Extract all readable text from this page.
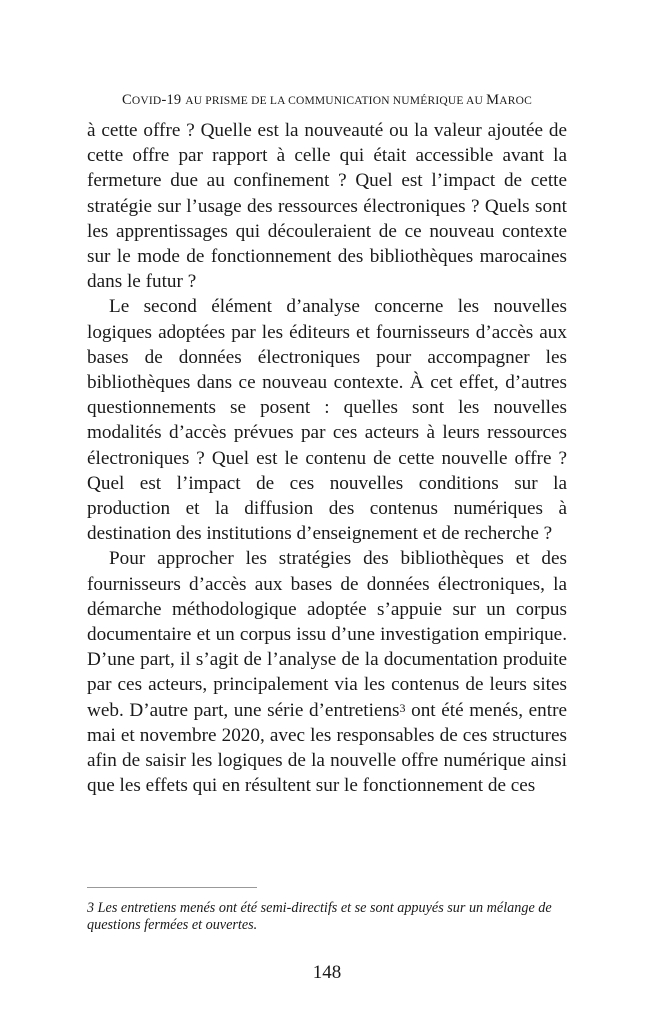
COVID-19 AU PRISME DE LA COMMUNICATION NUMÉRIQUE AU MAROC

à cette offre ? Quelle est la nouveauté ou la valeur ajoutée de cette offre par rapport à celle qui était accessible avant la fermeture due au confinement ? Quel est l’impact de cette stratégie sur l’usage des ressources électroniques ? Quels sont les apprentissages qui découleraient de ce nouveau contexte sur le mode de fonctionnement des bibliothèques marocaines dans le futur ?

Le second élément d’analyse concerne les nouvelles logiques adoptées par les éditeurs et fournisseurs d’accès aux bases de données électroniques pour accompagner les bibliothèques dans ce nouveau contexte. À cet effet, d’autres questionnements se posent : quelles sont les nouvelles modalités d’accès prévues par ces acteurs à leurs ressources électroniques ? Quel est le contenu de cette nouvelle offre ? Quel est l’impact de ces nouvelles conditions sur la production et la diffusion des contenus numériques à destination des institutions d’enseignement et de recherche ?

Pour approcher les stratégies des bibliothèques et des fournisseurs d’accès aux bases de données électroniques, la démarche méthodologique adoptée s’appuie sur un corpus documentaire et un corpus issu d’une investigation empirique. D’une part, il s’agit de l’analyse de la documentation produite par ces acteurs, principalement via les contenus de leurs sites web. D’autre part, une série d’entretiens$^3$ ont été menés, entre mai et novembre 2020, avec les responsables de ces structures afin de saisir les logiques de la nouvelle offre numérique ainsi que les effets qui en résultent sur le fonctionnement de ces

3 Les entretiens menés ont été semi-directifs et se sont appuyés sur un mélange de questions fermées et ouvertes.
148
